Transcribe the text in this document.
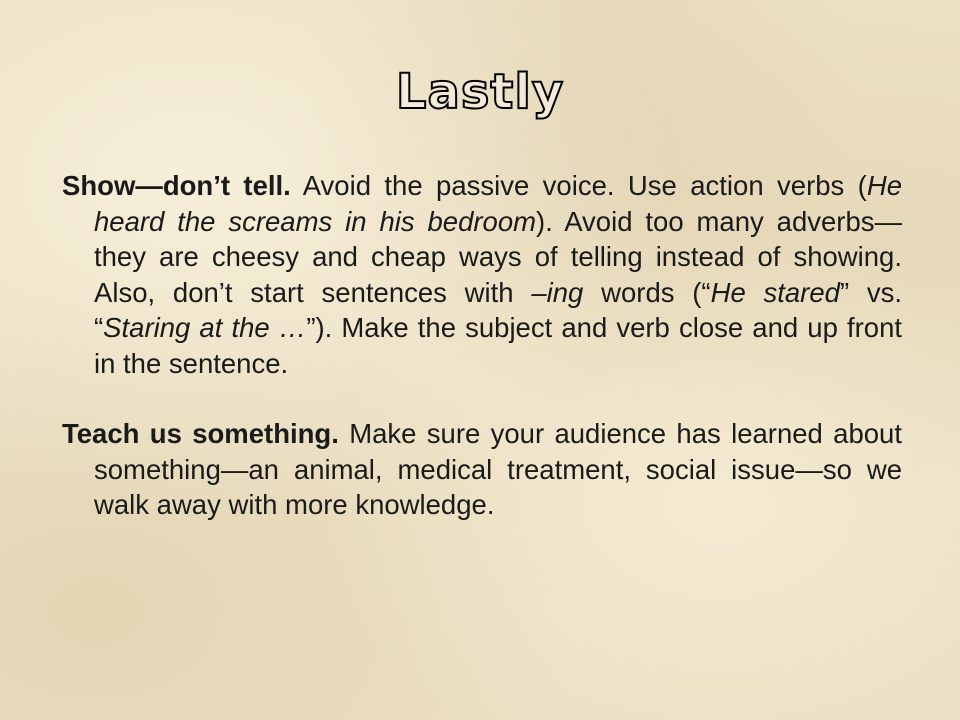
Lastly

Show—don’t tell. Avoid the passive voice. Use action verbs (He heard the screams in his bedroom). Avoid too many adverbs—they are cheesy and cheap ways of telling instead of showing. Also, don’t start sentences with –ing words (“He stared” vs. “Staring at the …”). Make the subject and verb close and up front in the sentence.

Teach us something. Make sure your audience has learned about something—an animal, medical treatment, social issue—so we walk away with more knowledge.
